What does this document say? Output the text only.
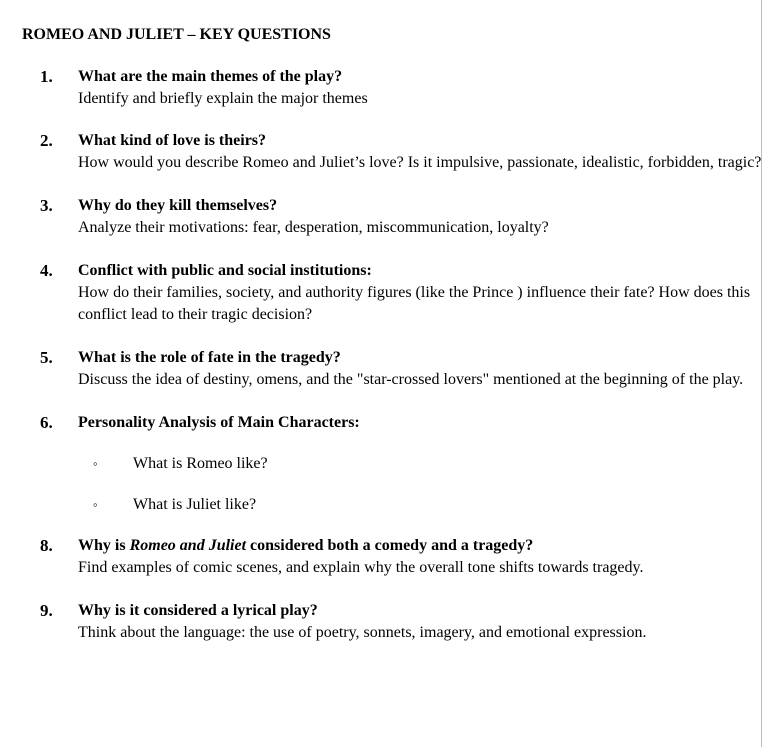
ROMEO AND JULIET – KEY QUESTIONS
1. What are the main themes of the play?
Identify and briefly explain the major themes
2. What kind of love is theirs?
How would you describe Romeo and Juliet’s love? Is it impulsive, passionate, idealistic, forbidden, tragic?
3. Why do they kill themselves?
Analyze their motivations: fear, desperation, miscommunication, loyalty?
4. Conflict with public and social institutions:
How do their families, society, and authority figures (like the Prince ) influence their fate? How does this conflict lead to their tragic decision?
5. What is the role of fate in the tragedy?
Discuss the idea of destiny, omens, and the "star-crossed lovers" mentioned at the beginning of the play.
6. Personality Analysis of Main Characters:
◦ What is Romeo like?
◦ What is Juliet like?
8. Why is Romeo and Juliet considered both a comedy and a tragedy?
Find examples of comic scenes, and explain why the overall tone shifts towards tragedy.
9. Why is it considered a lyrical play?
Think about the language: the use of poetry, sonnets, imagery, and emotional expression.
